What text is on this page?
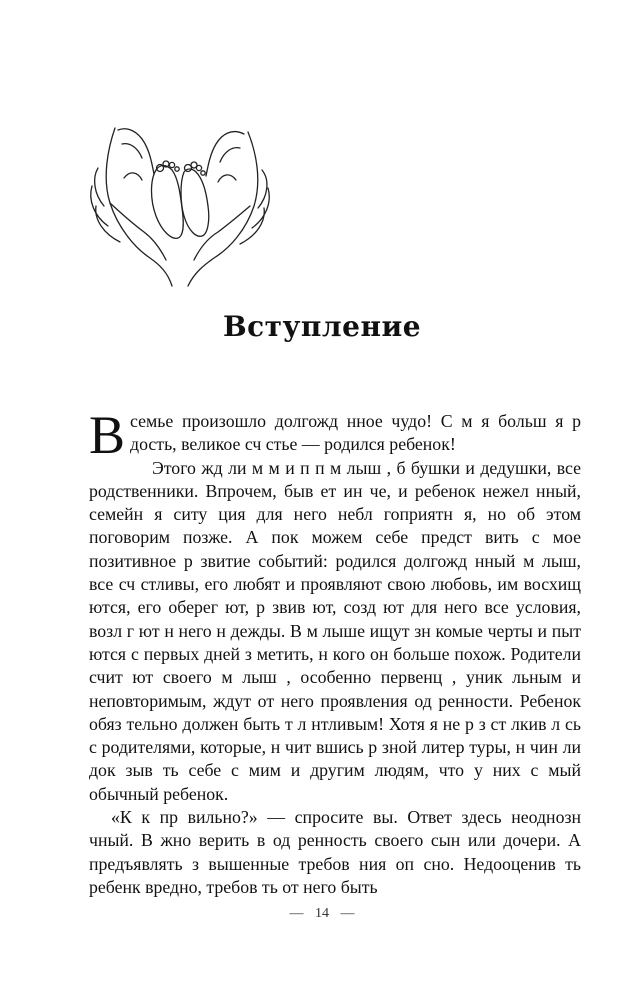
Вступление

Всемье произошло долгожд нное чудо! С м я больш я р дость, великое сч стье — родился ребенок!

Этого жд ли м м и п п м лыш , б бушки и дедушки, все родственники. Впрочем, быв ет ин че, и ребенок нежел нный, семейн я ситу ция для него небл гоприятн я, но об этом поговорим позже. А пок можем себе предст вить с мое позитивное р звитие событий: родился долгожд нный м лыш, все сч стливы, его любят и проявляют свою любовь, им восхищ ются, его оберег ют, р звив ют, созд ют для него все условия, возл г ют н него н дежды. В м лыше ищут зн комые черты и пыт ются с первых дней з метить, н кого он больше похож. Родители счит ют своего м лыш , особенно первенц , уник льным и неповторимым, ждут от него проявления од ренности. Ребенок обяз тельно должен быть т л нтливым! Хотя я не р з ст лкив л сь с родителями, которые, н чит вшись р зной литер туры, н чин ли док зыв ть себе с мим и другим людям, что у них с мый обычный ребенок.

«К к пр вильно?» — спросите вы. Ответ здесь неоднозн чный. В жно верить в од ренность своего сын или дочери. А предъявлять з вышенные требов ния оп сно. Недооценив ть ребенк вредно, требов ть от него быть

— 14 —
